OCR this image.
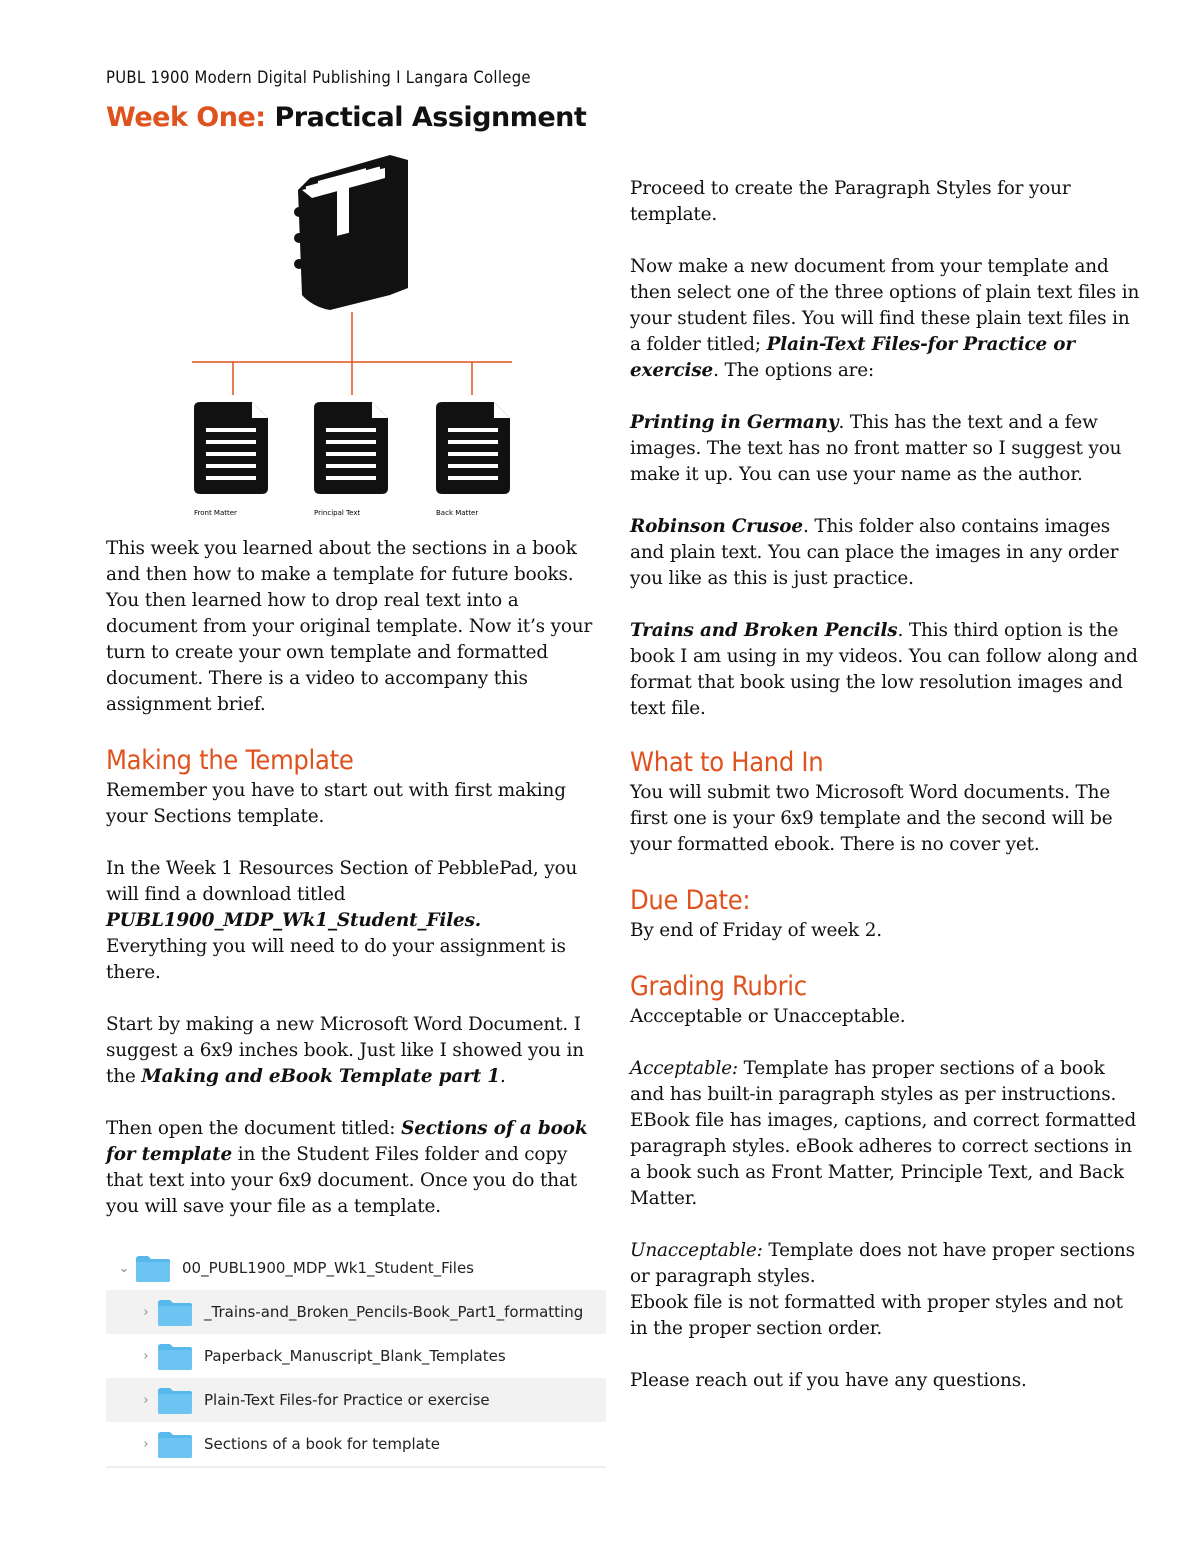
PUBL 1900 Modern Digital Publishing I Langara College
Week One: Practical Assignment
Front Matter	Principal Text	Back Matter

This week you learned about the sections in a book and then how to make a template for future books. You then learned how to drop real text into a document from your original template. Now it’s your turn to create your own template and formatted document. There is a video to accompany this assignment brief.

Making the Template

Remember you have to start out with first making your Sections template.

In the Week 1 Resources Section of PebblePad, you will find a download titled
PUBL1900_MDP_Wk1_Student_Files.
Everything you will need to do your assignment is there.

Start by making a new Microsoft Word Document. I suggest a 6x9 inches book. Just like I showed you in the Making and eBook Template part 1.

Then open the document titled: Sections of a book for template in the Student Files folder and copy that text into your 6x9 document. Once you do that you will save your file as a template.

⌄	00_PUBL1900_MDP_Wk1_Student_Files
›	_Trains-and_Broken_Pencils-Book_Part1_formatting
›	Paperback_Manuscript_Blank_Templates
›	Plain-Text Files-for Practice or exercise
›	Sections of a book for template

Proceed to create the Paragraph Styles for your template.

Now make a new document from your template and then select one of the three options of plain text files in your student files. You will find these plain text files in a folder titled; Plain-Text Files-for Practice or exercise. The options are:

Printing in Germany. This has the text and a few images. The text has no front matter so I suggest you make it up. You can use your name as the author.

Robinson Crusoe. This folder also contains images and plain text. You can place the images in any order you like as this is just practice.

Trains and Broken Pencils. This third option is the book I am using in my videos. You can follow along and format that book using the low resolution images and text file.

What to Hand In

You will submit two Microsoft Word documents. The first one is your 6x9 template and the second will be your formatted ebook. There is no cover yet.

Due Date:

By end of Friday of week 2.

Grading Rubric

Accceptable or Unacceptable.

Acceptable: Template has proper sections of a book and has built-in paragraph styles as per instructions. EBook file has images, captions, and correct formatted paragraph styles. eBook adheres to correct sections in a book such as Front Matter, Principle Text, and Back Matter.

Unacceptable: Template does not have proper sections or paragraph styles.
Ebook file is not formatted with proper styles and not in the proper section order.

Please reach out if you have any questions.
